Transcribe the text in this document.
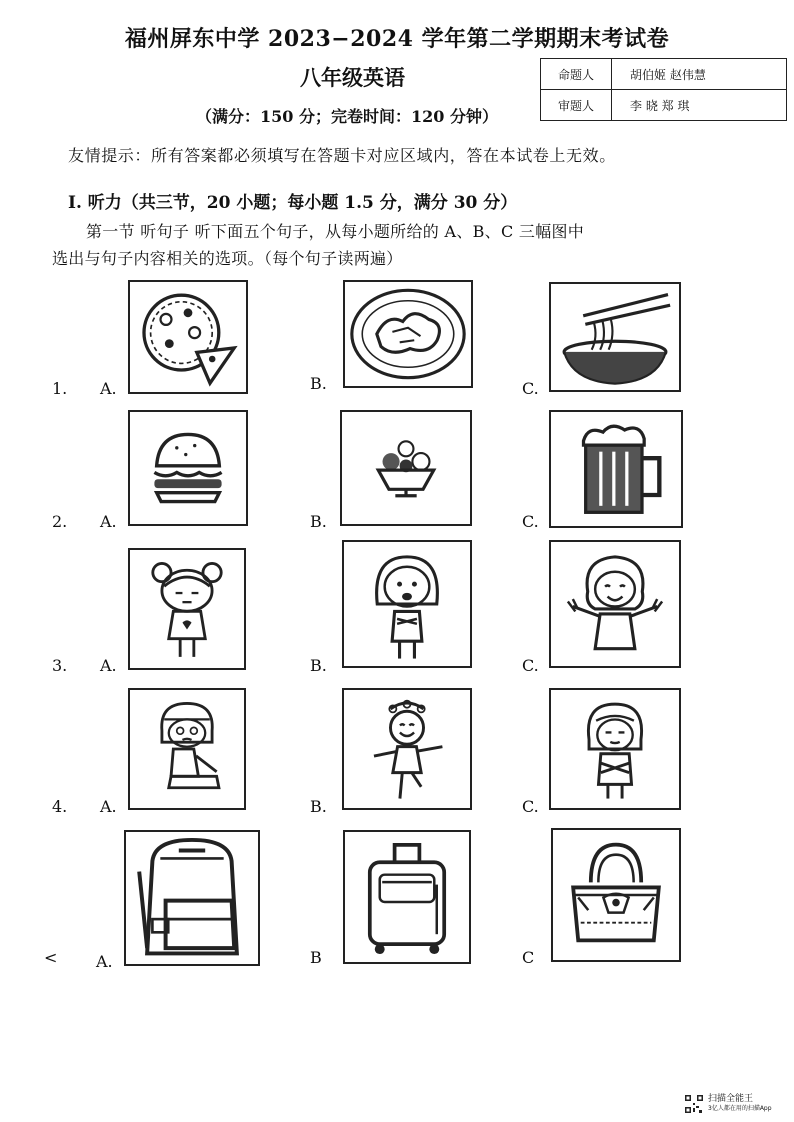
福州屏东中学 2023−2024 学年第二学期期末考试卷
八年级英语
（满分：150 分；完卷时间：120 分钟）
命题人	胡伯姬 赵伟慧
审题人	李 晓 郑 琪
友情提示：所有答案都必须填写在答题卡对应区域内，答在本试卷上无效。
Ⅰ. 听力（共三节，20 小题；每小题 1.5 分，满分 30 分）
第一节 听句子 听下面五个句子，从每小题所给的 A、B、C 三幅图中
选出与句子内容相关的选项。（每个句子读两遍）
1. A.	B.	C.
2. A.	B.	C.
3. A.	B.	C.
4. A.	B.	C.
< A.	B	C
扫描全能王
3亿人都在用的扫描App
